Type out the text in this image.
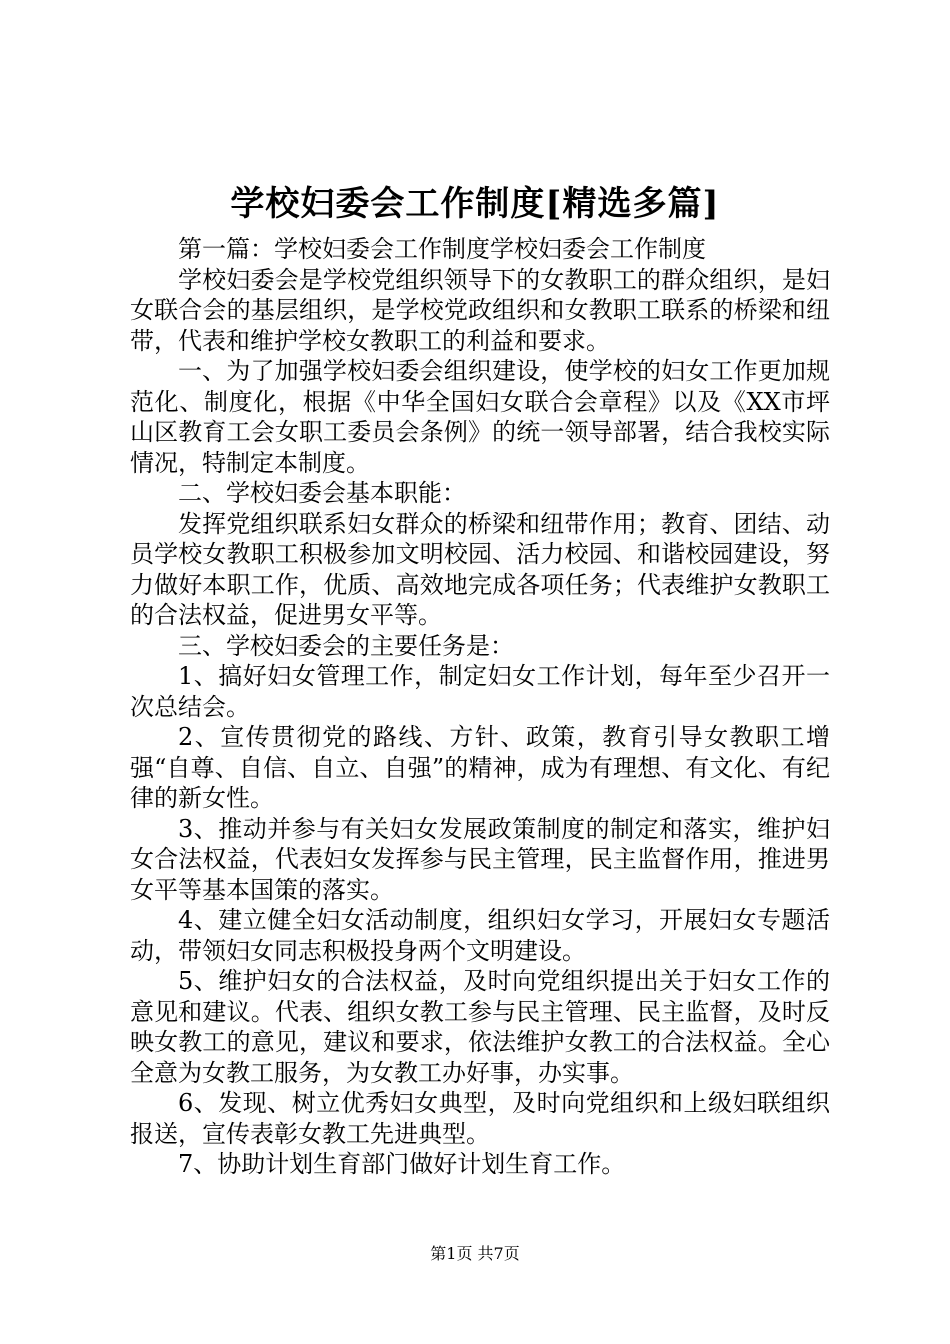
学校妇委会工作制度[精选多篇]

第一篇：学校妇委会工作制度学校妇委会工作制度

学校妇委会是学校党组织领导下的女教职工的群众组织，是妇女联合会的基层组织，是学校党政组织和女教职工联系的桥梁和纽带，代表和维护学校女教职工的利益和要求。

一、为了加强学校妇委会组织建设，使学校的妇女工作更加规范化、制度化，根据《中华全国妇女联合会章程》以及《XX市坪山区教育工会女职工委员会条例》的统一领导部署，结合我校实际情况，特制定本制度。

二、学校妇委会基本职能：

发挥党组织联系妇女群众的桥梁和纽带作用；教育、团结、动员学校女教职工积极参加文明校园、活力校园、和谐校园建设，努力做好本职工作，优质、高效地完成各项任务；代表维护女教职工的合法权益，促进男女平等。

三、学校妇委会的主要任务是：

1、搞好妇女管理工作，制定妇女工作计划，每年至少召开一次总结会。

2、宣传贯彻党的路线、方针、政策，教育引导女教职工增强“自尊、自信、自立、自强”的精神，成为有理想、有文化、有纪律的新女性。

3、推动并参与有关妇女发展政策制度的制定和落实，维护妇女合法权益，代表妇女发挥参与民主管理，民主监督作用，推进男女平等基本国策的落实。

4、建立健全妇女活动制度，组织妇女学习，开展妇女专题活动，带领妇女同志积极投身两个文明建设。

5、维护妇女的合法权益，及时向党组织提出关于妇女工作的意见和建议。代表、组织女教工参与民主管理、民主监督，及时反映女教工的意见，建议和要求，依法维护女教工的合法权益。全心全意为女教工服务，为女教工办好事，办实事。

6、发现、树立优秀妇女典型，及时向党组织和上级妇联组织报送，宣传表彰女教工先进典型。

7、协助计划生育部门做好计划生育工作。

第1页 共7页
